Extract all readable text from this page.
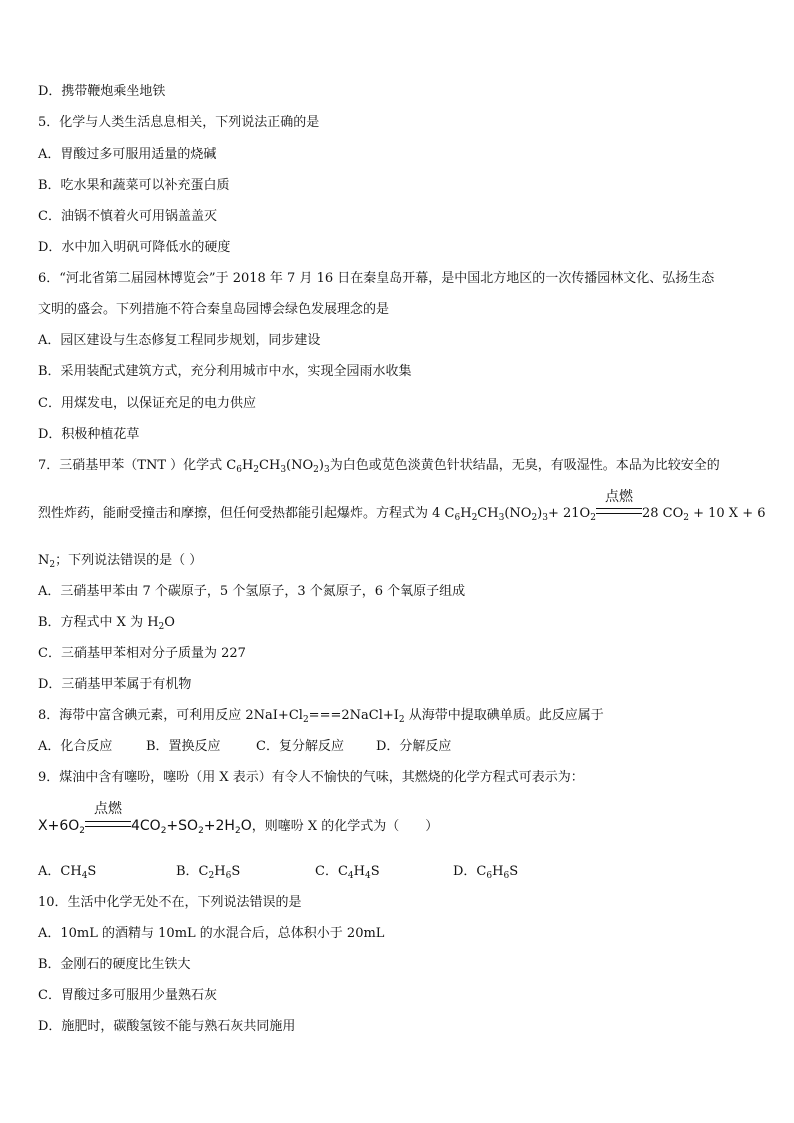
D．携带鞭炮乘坐地铁
5．化学与人类生活息息相关，下列说法正确的是
A．胃酸过多可服用适量的烧碱
B．吃水果和蔬菜可以补充蛋白质
C．油锅不慎着火可用锅盖盖灭
D．水中加入明矾可降低水的硬度
6．“河北省第二届园林博览会”于 2018 年 7 月 16 日在秦皇岛开幕，是中国北方地区的一次传播园林文化、弘扬生态
文明的盛会。下列措施不符合秦皇岛园博会绿色发展理念的是
A．园区建设与生态修复工程同步规划，同步建设
B．采用装配式建筑方式，充分利用城市中水，实现全园雨水收集
C．用煤发电，以保证充足的电力供应
D．积极种植花草
7．三硝基甲苯（TNT ）化学式 $C_6H_2CH_3(NO_2)_3$为白色或苋色淡黄色针状结晶，无臭，有吸湿性。本品为比较安全的
烈性炸药，能耐受撞击和摩擦，但任何受热都能引起爆炸。方程式为 4 $C_6H_2CH_3(NO_2)_3+ 21O_2$
点燃
28 $CO_2 + 10$ X + 6
$N_2$；下列说法错误的是（ ）
A．三硝基甲苯由 7 个碳原子，5 个氢原子，3 个氮原子，6 个氧原子组成
B．方程式中 X 为 $H_2O$
C．三硝基甲苯相对分子质量为 227
D．三硝基甲苯属于有机物
8．海带中富含碘元素，可利用反应 $2NaI+Cl_2===2NaCl+I_2$ 从海带中提取碘单质。此反应属于
A．化合反应	B．置换反应	C．复分解反应 D．分解反应
9．煤油中含有噻吩，噻吩（用 X 表示）有令人不愉快的气味，其燃烧的化学方程式可表示为：
$X+6O_2$
点燃
$4CO_2+SO_2+2H_2O$，则噻吩 X 的化学式为（　　）
A．CH4S	B．C2H6S	C．C4H4S	D．C6H6S
10．生活中化学无处不在，下列说法错误的是
A．10mL 的酒精与 10mL 的水混合后，总体积小于 20mL
B．金刚石的硬度比生铁大
C．胃酸过多可服用少量熟石灰
D．施肥时，碳酸氢铵不能与熟石灰共同施用
